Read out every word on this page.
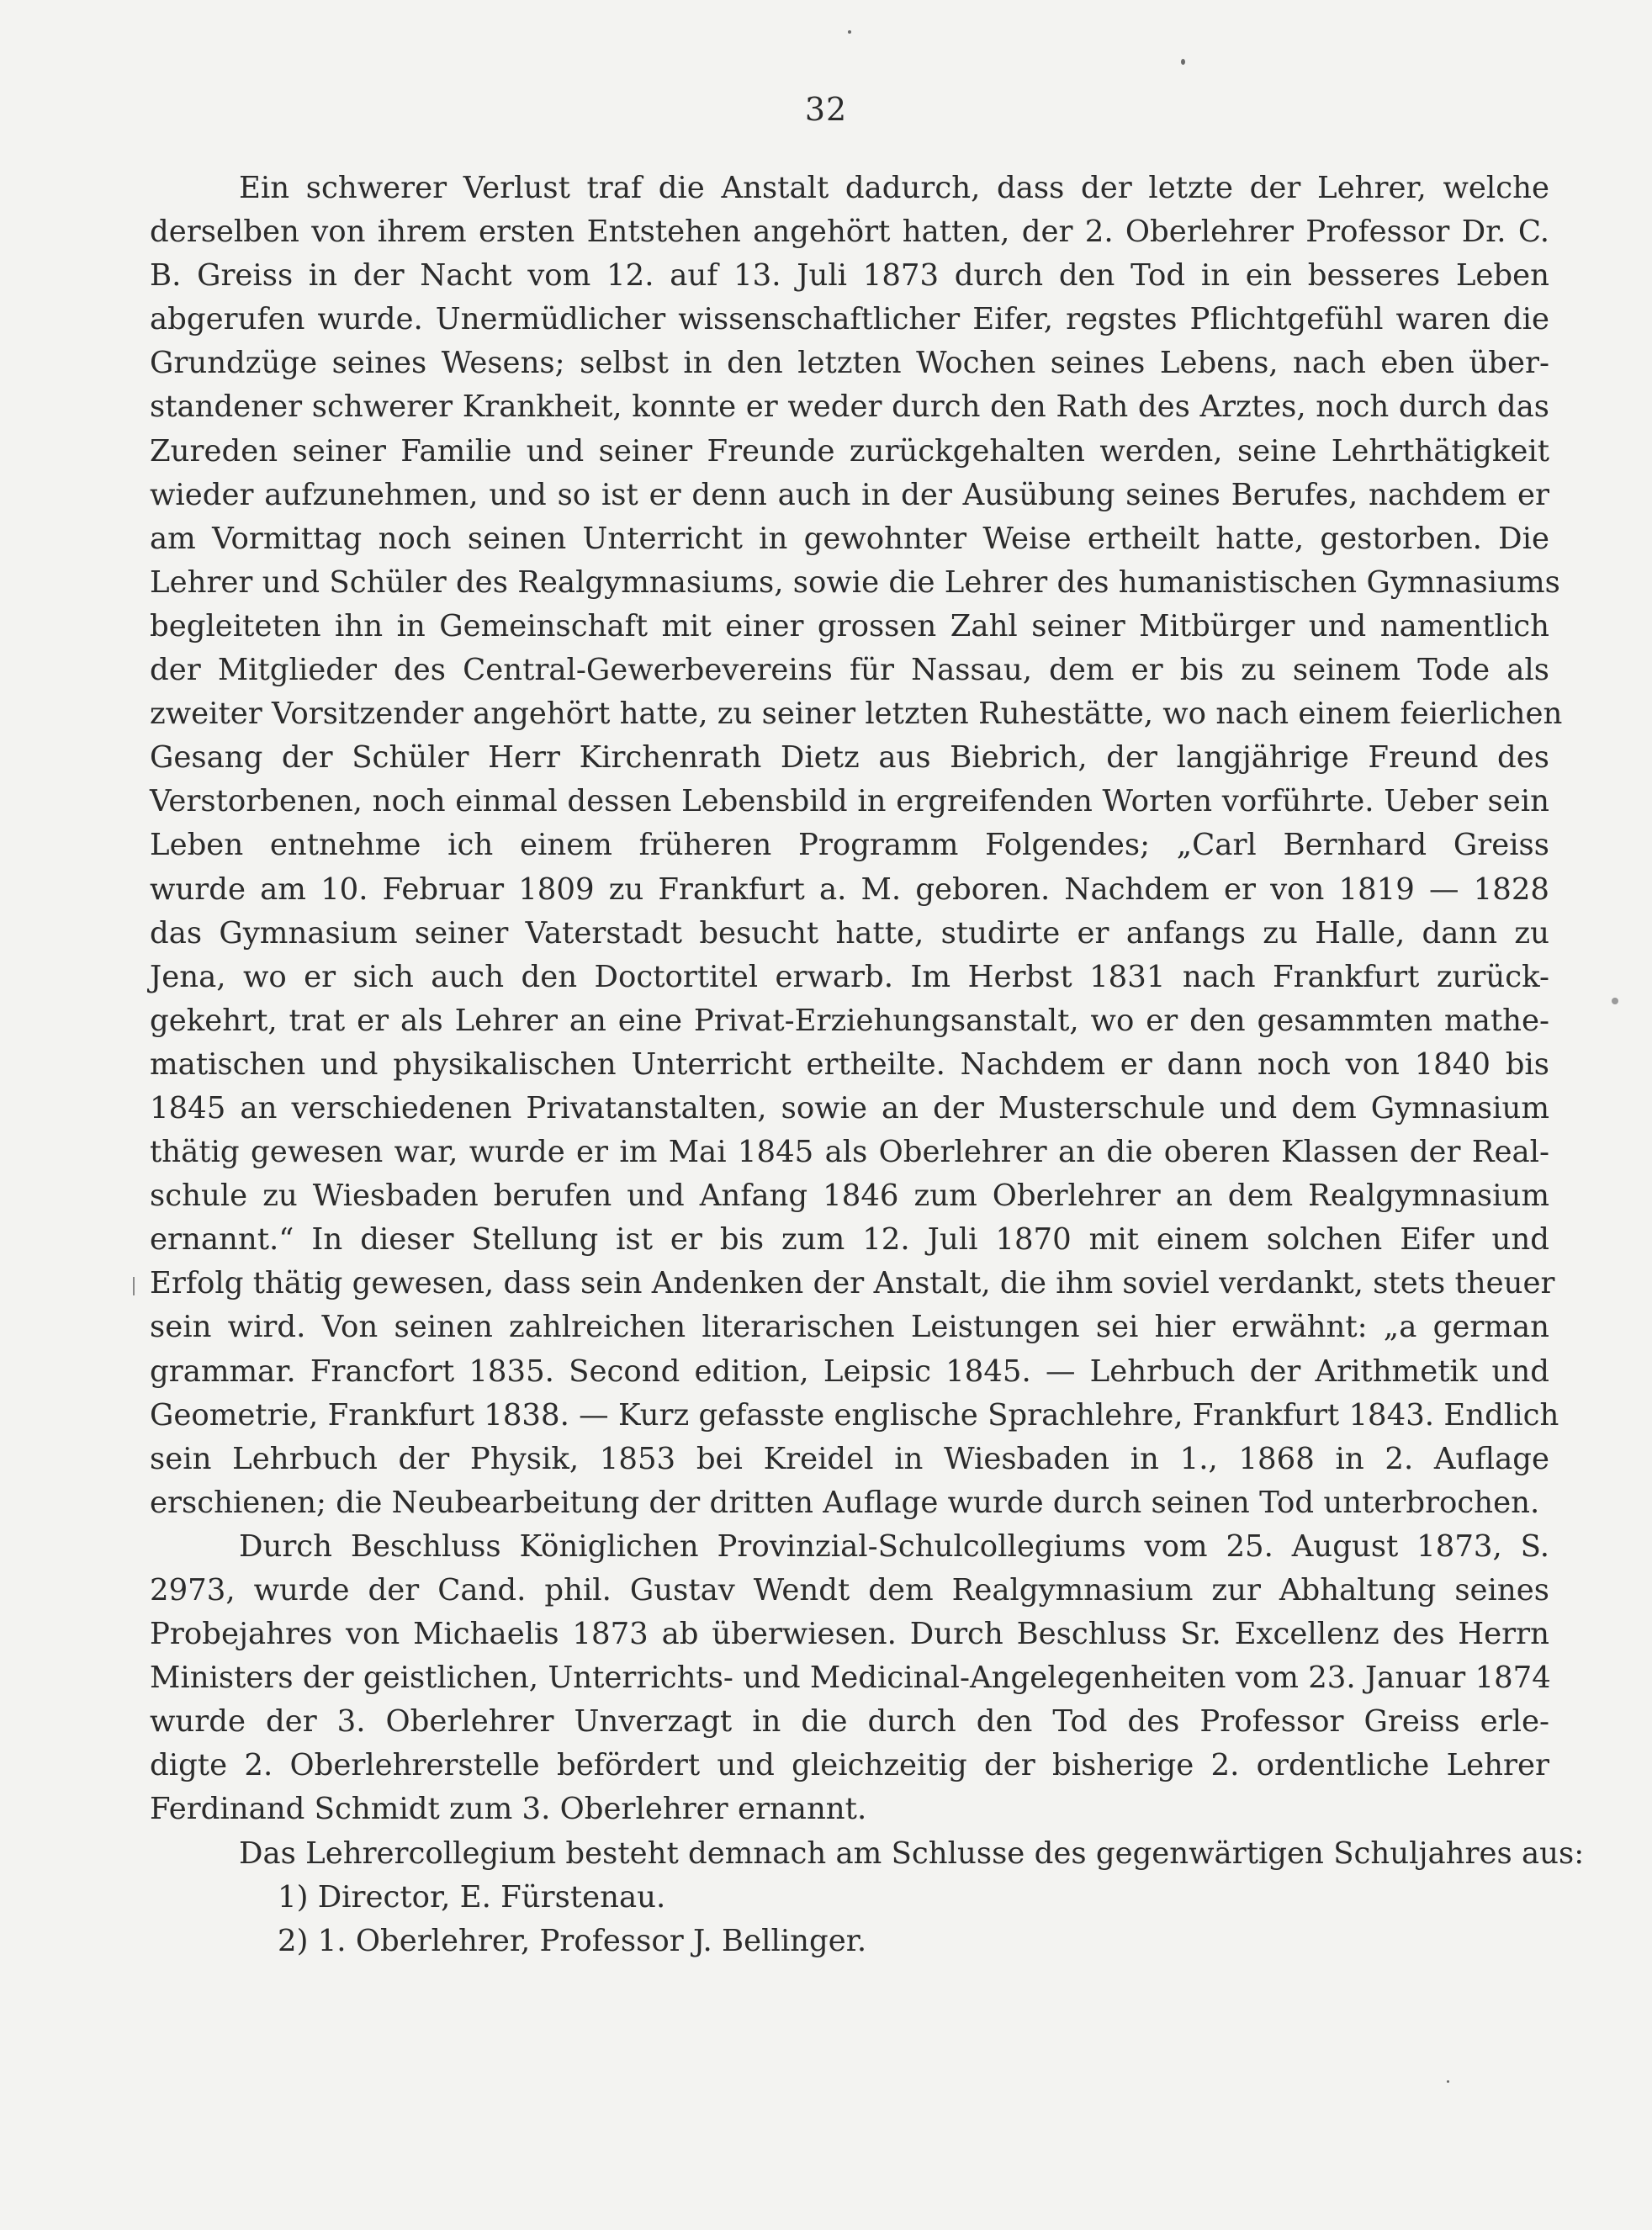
32
Ein schwerer Verlust traf die Anstalt dadurch, dass der letzte der Lehrer, welche
derselben von ihrem ersten Entstehen angehört hatten, der 2. Oberlehrer Professor Dr. C.
B. Greiss in der Nacht vom 12. auf 13. Juli 1873 durch den Tod in ein besseres Leben
abgerufen wurde. Unermüdlicher wissenschaftlicher Eifer, regstes Pflichtgefühl waren die
Grundzüge seines Wesens; selbst in den letzten Wochen seines Lebens, nach eben über-
standener schwerer Krankheit, konnte er weder durch den Rath des Arztes, noch durch das
Zureden seiner Familie und seiner Freunde zurückgehalten werden, seine Lehrthätigkeit
wieder aufzunehmen, und so ist er denn auch in der Ausübung seines Berufes, nachdem er
am Vormittag noch seinen Unterricht in gewohnter Weise ertheilt hatte, gestorben. Die
Lehrer und Schüler des Realgymnasiums, sowie die Lehrer des humanistischen Gymnasiums
begleiteten ihn in Gemeinschaft mit einer grossen Zahl seiner Mitbürger und namentlich
der Mitglieder des Central-Gewerbevereins für Nassau, dem er bis zu seinem Tode als
zweiter Vorsitzender angehört hatte, zu seiner letzten Ruhestätte, wo nach einem feierlichen
Gesang der Schüler Herr Kirchenrath Dietz aus Biebrich, der langjährige Freund des
Verstorbenen, noch einmal dessen Lebensbild in ergreifenden Worten vorführte. Ueber sein
Leben entnehme ich einem früheren Programm Folgendes; „Carl Bernhard Greiss
wurde am 10. Februar 1809 zu Frankfurt a. M. geboren. Nachdem er von 1819 — 1828
das Gymnasium seiner Vaterstadt besucht hatte, studirte er anfangs zu Halle, dann zu
Jena, wo er sich auch den Doctortitel erwarb. Im Herbst 1831 nach Frankfurt zurück-
gekehrt, trat er als Lehrer an eine Privat-Erziehungsanstalt, wo er den gesammten mathe-
matischen und physikalischen Unterricht ertheilte. Nachdem er dann noch von 1840 bis
1845 an verschiedenen Privatanstalten, sowie an der Musterschule und dem Gymnasium
thätig gewesen war, wurde er im Mai 1845 als Oberlehrer an die oberen Klassen der Real-
schule zu Wiesbaden berufen und Anfang 1846 zum Oberlehrer an dem Realgymnasium
ernannt.“ In dieser Stellung ist er bis zum 12. Juli 1870 mit einem solchen Eifer und
Erfolg thätig gewesen, dass sein Andenken der Anstalt, die ihm soviel verdankt, stets theuer
sein wird. Von seinen zahlreichen literarischen Leistungen sei hier erwähnt: „a german
grammar. Francfort 1835. Second edition, Leipsic 1845. — Lehrbuch der Arithmetik und
Geometrie, Frankfurt 1838. — Kurz gefasste englische Sprachlehre, Frankfurt 1843. Endlich
sein Lehrbuch der Physik, 1853 bei Kreidel in Wiesbaden in 1., 1868 in 2. Auflage
erschienen; die Neubearbeitung der dritten Auflage wurde durch seinen Tod unterbrochen.
Durch Beschluss Königlichen Provinzial-Schulcollegiums vom 25. August 1873, S.
2973, wurde der Cand. phil. Gustav Wendt dem Realgymnasium zur Abhaltung seines
Probejahres von Michaelis 1873 ab überwiesen. Durch Beschluss Sr. Excellenz des Herrn
Ministers der geistlichen, Unterrichts- und Medicinal-Angelegenheiten vom 23. Januar 1874
wurde der 3. Oberlehrer Unverzagt in die durch den Tod des Professor Greiss erle-
digte 2. Oberlehrerstelle befördert und gleichzeitig der bisherige 2. ordentliche Lehrer
Ferdinand Schmidt zum 3. Oberlehrer ernannt.
Das Lehrercollegium besteht demnach am Schlusse des gegenwärtigen Schuljahres aus:
1) Director, E. Fürstenau.
2) 1. Oberlehrer, Professor J. Bellinger.
